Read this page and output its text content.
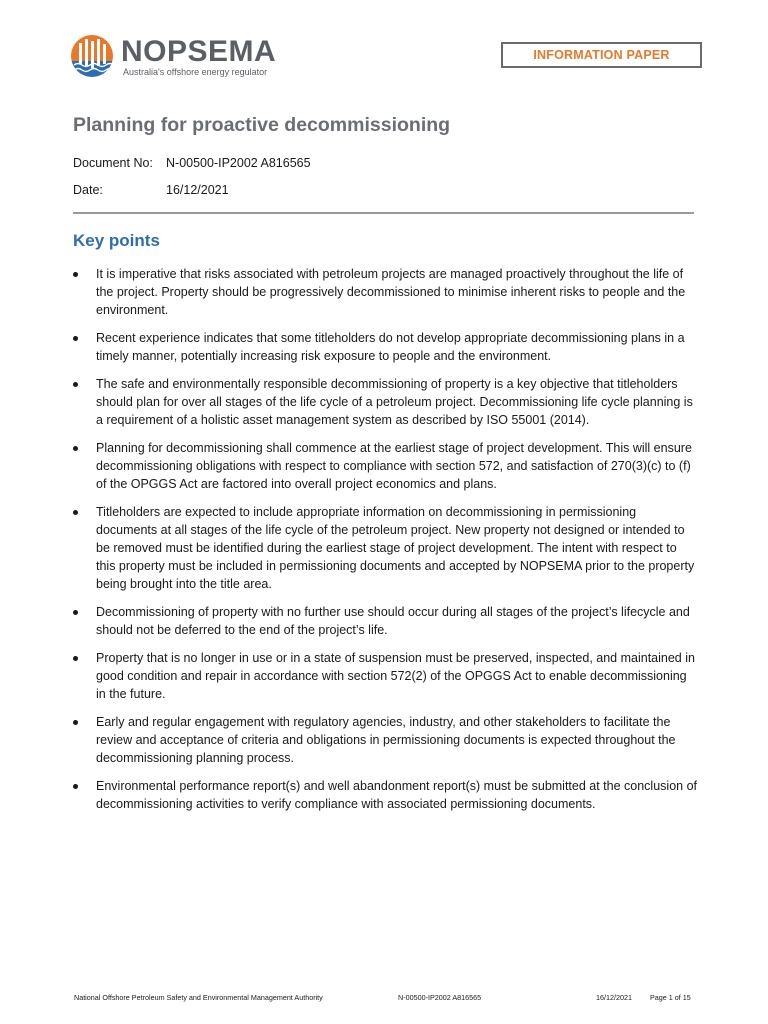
NOPSEMA
Australia's offshore energy regulator
INFORMATION PAPER
Planning for proactive decommissioning
Document No: N-00500-IP2002 A816565
Date:	16/12/2021
Key points
It is imperative that risks associated with petroleum projects are managed proactively throughout the life of the project. Property should be progressively decommissioned to minimise inherent risks to people and the environment.
Recent experience indicates that some titleholders do not develop appropriate decommissioning plans in a timely manner, potentially increasing risk exposure to people and the environment.
The safe and environmentally responsible decommissioning of property is a key objective that titleholders should plan for over all stages of the life cycle of a petroleum project. Decommissioning life cycle planning is a requirement of a holistic asset management system as described by ISO 55001 (2014).
Planning for decommissioning shall commence at the earliest stage of project development. This will ensure decommissioning obligations with respect to compliance with section 572, and satisfaction of 270(3)(c) to (f) of the OPGGS Act are factored into overall project economics and plans.
Titleholders are expected to include appropriate information on decommissioning in permissioning documents at all stages of the life cycle of the petroleum project. New property not designed or intended to be removed must be identified during the earliest stage of project development. The intent with respect to this property must be included in permissioning documents and accepted by NOPSEMA prior to the property being brought into the title area.
Decommissioning of property with no further use should occur during all stages of the project’s lifecycle and should not be deferred to the end of the project’s life.
Property that is no longer in use or in a state of suspension must be preserved, inspected, and maintained in good condition and repair in accordance with section 572(2) of the OPGGS Act to enable decommissioning in the future.
Early and regular engagement with regulatory agencies, industry, and other stakeholders to facilitate the review and acceptance of criteria and obligations in permissioning documents is expected throughout the decommissioning planning process.
Environmental performance report(s) and well abandonment report(s) must be submitted at the conclusion of decommissioning activities to verify compliance with associated permissioning documents.
National Offshore Petroleum Safety and Environmental Management Authority	N-00500-IP2002 A816565	16/12/2021	Page 1 of 15
